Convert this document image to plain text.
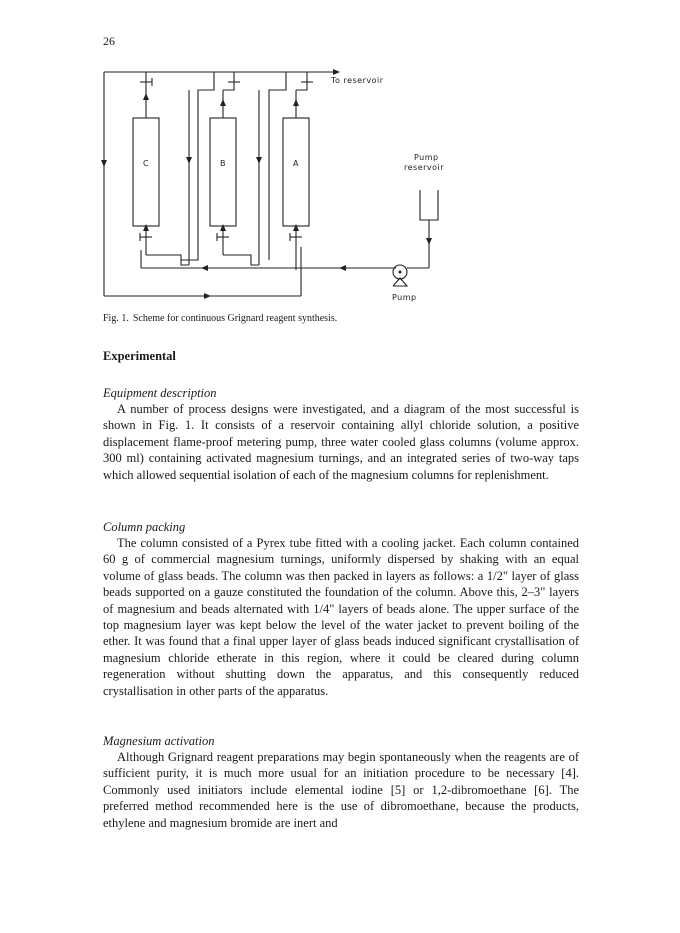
26
To reservoir
C	B	A
Pump
reservoir
Pump
Fig. 1. Scheme for continuous Grignard reagent synthesis.
Experimental
Equipment description

A number of process designs were investigated, and a diagram of the most successful is shown in Fig. 1. It consists of a reservoir containing allyl chloride solution, a positive displacement flame-proof metering pump, three water cooled glass columns (volume approx. 300 ml) containing activated magnesium turnings, and an integrated series of two-way taps which allowed sequential isolation of each of the magnesium columns for replenishment.

Column packing

The column consisted of a Pyrex tube fitted with a cooling jacket. Each column contained 60 g of commercial magnesium turnings, uniformly dispersed by shaking with an equal volume of glass beads. The column was then packed in layers as follows: a 1/2" layer of glass beads supported on a gauze constituted the foundation of the column. Above this, 2–3" layers of magnesium and beads alternated with 1/4" layers of beads alone. The upper surface of the top magnesium layer was kept below the level of the water jacket to prevent boiling of the ether. It was found that a final upper layer of glass beads induced significant crystallisation of magnesium chloride etherate in this region, where it could be cleared during column regeneration without shutting down the apparatus, and this consequently reduced crystallisation in other parts of the apparatus.

Magnesium activation

Although Grignard reagent preparations may begin spontaneously when the reagents are of sufficient purity, it is much more usual for an initiation procedure to be necessary [4]. Commonly used initiators include elemental iodine [5] or 1,2-dibromoethane [6]. The preferred method recommended here is the use of dibromoethane, because the products, ethylene and magnesium bromide are inert and
